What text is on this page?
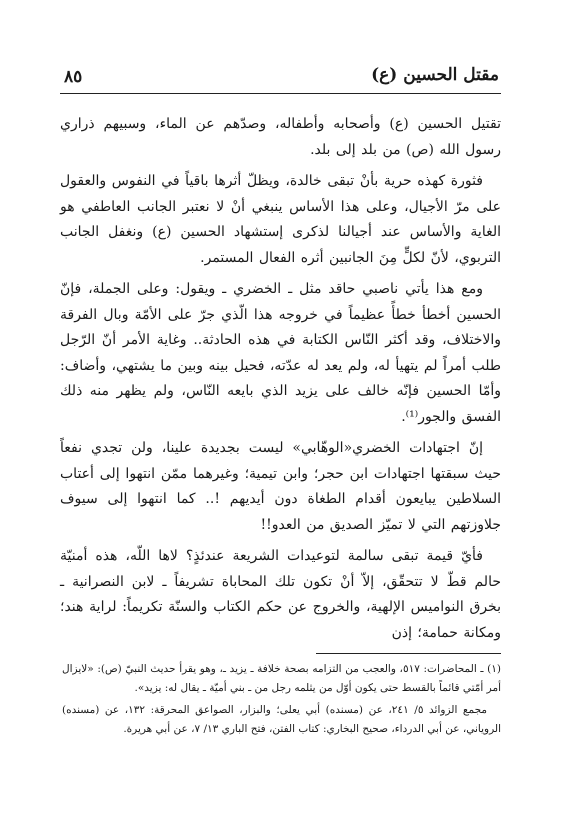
٨٥	مقتل الحسين (ع)

تقتيل الحسين (ع) وأصحابه وأطفاله، وصدّهم عن الماء، وسبيهم ذراري رسول الله (ص) من بلد إلى بلد.

فثورة كهذه حرية بأنْ تبقى خالدة، ويظلّ أثرها باقياً في النفوس والعقول على مرّ الأجيال، وعلى هذا الأساس ينبغي أنْ لا نعتبر الجانب العاطفي هو الغاية والأساس عند أجيالنا لذكرى إستشهاد الحسين (ع) ونغفل الجانب التربوي، لأنّ لكلٍّ مِنَ الجانبين أثره الفعال المستمر.

ومع هذا يأتي ناصبي حاقد مثل ـ الخضري ـ ويقول: وعلى الجملة، فإنّ الحسين أخطأ خطأً عظيماً في خروجه هذا الّذي جرّ على الأمّة وبال الفرقة والاختلاف، وقد أكثر النّاس الكتابة في هذه الحادثة.. وغاية الأمر أنّ الرّجل طلب أمراً لم يتهيأ له، ولم يعد له عدّته، فحيل بينه وبين ما يشتهي، وأضاف: وأمّا الحسين فإنّه خالف على يزيد الذي بايعه النّاس، ولم يظهر منه ذلك الفسق والجور⁽¹⁾.

إنّ اجتهادات الخضري«الوهّابي» ليست بجديدة علينا، ولن تجدي نفعاً حيث سبقتها اجتهادات ابن حجر؛ وابن تيمية؛ وغيرهما ممّن انتهوا إلى أعتاب السلاطين يبايعون أقدام الطغاة دون أيديهم !.. كما انتهوا إلى سيوف جلاوزتهم التي لا تميّز الصديق من العدو!!

فأيّ قيمة تبقى سالمة لتوعيدات الشريعة عندئذٍ؟ لاها اللّه، هذه أمنيّة حالم قطّ لا تتحقّق، إلاّ أنْ تكون تلك المحاباة تشريفاً ـ لابن النصرانية ـ بخرق النواميس الإلهية، والخروج عن حكم الكتاب والسنّة تكريماً: لراية هند؛ ومكانة حمامة؛ إذن

(١) ـ المحاضرات: ٥١٧، والعجب من التزامه بصحة خلافة ـ يزيد ـ، وهو يقرأ حديث النبيّ (ص): «لايزال أمر أمّتي قائماً بالقسط حتى يكون أوّل من يثلمه رجل من ـ بني أميّة ـ يقال له: يزيد».

مجمع الزوائد ٥/ ٢٤١، عن (مسنده) أبي يعلى؛ والبزار، الصواعق المحرقة: ١٣٢، عن (مسنده) الروياني، عن أبي الدرداء، صحيح البخاري: كتاب الفتن، فتح الباري ١٣/ ٧، عن أبي هريرة.
